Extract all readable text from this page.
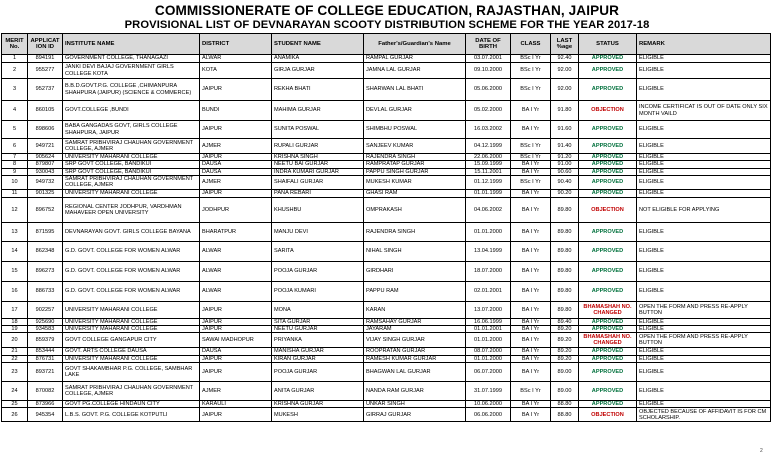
COMMISSIONERATE OF COLLEGE EDUCATION, RAJASTHAN, JAIPUR
PROVISIONAL LIST OF DEVNARAYAN SCOOTY DISTRIBUTION SCHEME FOR THE YEAR 2017-18
MERIT No.	APPLICAT ION ID	INSTITUTE NAME	DISTRICT	STUDENT NAME	Father's/Guardian's Name	DATE OF BIRTH	CLASS	LAST %age	STATUS	REMARK
1	894191	GOVERNMENT COLLEGE, THANAGAZI	ALWAR	ANAMIKA	RAMPAL GURJAR	03.07.2001	BSc I Yr	92.40	APPROVED	ELIGIBLE
2	955277	JANKI DEVI BAJAJ GOVERNMENT GIRLS COLLEGE KOTA	KOTA	GIRJA GURJAR	JAMNA LAL GURJAR	09.10.2000	BSc I Yr	92.00	APPROVED	ELIGIBLE
3	952737	B.B.D.GOVT.P.G. COLLEGE ,CHIMANPURA SHAHPURA (JAIPUR) (SCIENCE & COMMERCE)	JAIPUR	REKHA BHATI	SHARWAN LAL BHATI	05.06.2000	BSc I Yr	92.00	APPROVED	ELIGIBLE
4	860105	GOVT.COLLEGE ,BUNDI	BUNDI	MAHIMA GURJAR	DEVLAL GURJAR	05.02.2000	BA I Yr	91.80	OBJECTION	INCOME CERTIFICAT IS OUT OF DATE ONLY SIX MONTH VAILD
5	898606	BABA GANGADAS GOVT, GIRLS COLLEGE SHAHPURA, JAIPUR	JAIPUR	SUNITA POSWAL	SHIMBHU POSWAL	16.03.2002	BA I Yr	91.60	APPROVED	ELIGIBLE
6	949721	SAMRAT PRIBHVIRAJ CHAUHAN GOVERNMENT COLLEGE, AJMER	AJMER	RUPALI GURJAR	SANJEEV KUMAR	04.12.1999	BSc I Yr	91.40	APPROVED	ELIGIBLE
7	905624	UNIVERSITY MAHARANI COLLEGE	JAIPUR	KRISHNA SINGH	RAJENDRA SINGH	22.06.2000	BSc I Yr	91.20	APPROVED	ELIGIBLE
8	879807	SRP GOVT COLLEGE, BANDIKUI	DAUSA	NEETU BAI GURJAR	RAMPRATAP GURJAR	15.09.1999	BA I Yr	91.00	APPROVED	ELIGIBLE
9	930043	SRP GOVT COLLEGE, BANDIKUI	DAUSA	INDRA KUMARI GURJAR	PAPPU SINGH GURJAR	15.11.2001	BA I Yr	90.60	APPROVED	ELIGIBLE
10	949732	SAMRAT PRIBHVIRAJ CHAUHAN GOVERNMENT COLLEGE, AJMER	AJMER	SHAIFALI GURJAR	MUKESH KUMAR	01.12.1999	BSc I Yr	90.40	APPROVED	ELIGIBLE
11	901325	UNIVERSITY MAHARANI COLLEGE	JAIPUR	PANA REBARI	GHASI RAM	01.01.1999	BA I Yr	90.20	APPROVED	ELIGIBLE
12	896752	REGIONAL CENTER JODHPUR, VARDHMAN MAHAVEER OPEN UNIVERSITY	JODHPUR	KHUSHBU	OMPRAKASH	04.06.2002	BA I Yr	89.80	OBJECTION	NOT ELIGIBLE FOR APPLYING
13	871595	DEVNARAYAN GOVT. GIRLS COLLEGE BAYANA	BHARATPUR	MANJU DEVI	RAJENDRA SINGH	01.01.2000	BA I Yr	89.80	APPROVED	ELIGIBLE
14	862348	G.D. GOVT. COLLEGE FOR WOMEN ALWAR	ALWAR	SARITA	NIHAL SINGH	13.04.1999	BA I Yr	89.80	APPROVED	ELIGIBLE
15	896273	G.D. GOVT. COLLEGE FOR WOMEN ALWAR	ALWAR	POOJA GURJAR	GIRDHARI	18.07.2000	BA I Yr	89.80	APPROVED	ELIGIBLE
16	886733	G.D. GOVT. COLLEGE FOR WOMEN ALWAR	ALWAR	POOJA KUMARI	PAPPU RAM	02.01.2001	BA I Yr	89.80	APPROVED	ELIGIBLE
17	902257	UNIVERSITY MAHARANI COLLEGE	JAIPUR	MONA	KARAN	13.07.2000	BA I Yr	89.80	BHAMASHAH NO. CHANGED	OPEN THE FORM AND PRESS RE-APPLY BUTTON
18	925690	UNIVERSITY MAHARANI COLLEGE	JAIPUR	SITA GURJAR	RAMSAHAY GURJAR	16.06.1999	BA I Yr	89.40	APPROVED	ELIGIBLE
19	934583	UNIVERSITY MAHARANI COLLEGE	JAIPUR	NEETU GURJAR	JAYARAM	01.01.2001	BA I Yr	89.20	APPROVED	ELIGIBLE
20	859379	GOVT COLLEGE GANGAPUR CITY	SAWAI MADHOPUR	PRIYANKA	VIJAY SINGH GURJAR	01.01.2000	BA I Yr	89.20	BHAMASHAH NO. CHANGED	OPEN THE FORM AND PRESS RE-APPLY BUTTON
21	853444	GOVT. ARTS COLLEGE DAUSA	DAUSA	MANISHA GURJAR	ROOPRATAN GURJAR	08.07.2000	BA I Yr	89.20	APPROVED	ELIGIBLE
22	876731	UNIVERSITY MAHARANI COLLEGE	JAIPUR	KIRAN GURJAR	RAMESH KUMAR GURJAR	01.01.2000	BA I Yr	89.20	APPROVED	ELIGIBLE
23	893721	GOVT SHAKAMBHAR P.G. COLLEGE, SAMBHAR LAKE	JAIPUR	POOJA GURJAR	BHAGWAN LAL GURJAR	06.07.2000	BA I Yr	89.00	APPROVED	ELIGIBLE
24	870082	SAMRAT PRIBHVIRAJ CHAUHAN GOVERNMENT COLLEGE, AJMER	AJMER	ANITA GURJAR	NANDA RAM GURJAR	31.07.1999	BSc I Yr	89.00	APPROVED	ELIGIBLE
25	873966	GOVT PG.COLLEGE HINDAUN CITY	KARAULI	KRISHNA GURJAR	UNKAR SINGH	10.06.2000	BA I Yr	88.80	APPROVED	ELIGIBLE
26	945354	L.B.S. GOVT. P.G. COLLEGE KOTPUTLI	JAIPUR	MUKESH	GIRRAJ GURJAR	06.06.2000	BA I Yr	88.80	OBJECTION	OBJECTED BECAUSE OF AFFIDAVIT IS FOR CM SCHOLARSHIP.
2
